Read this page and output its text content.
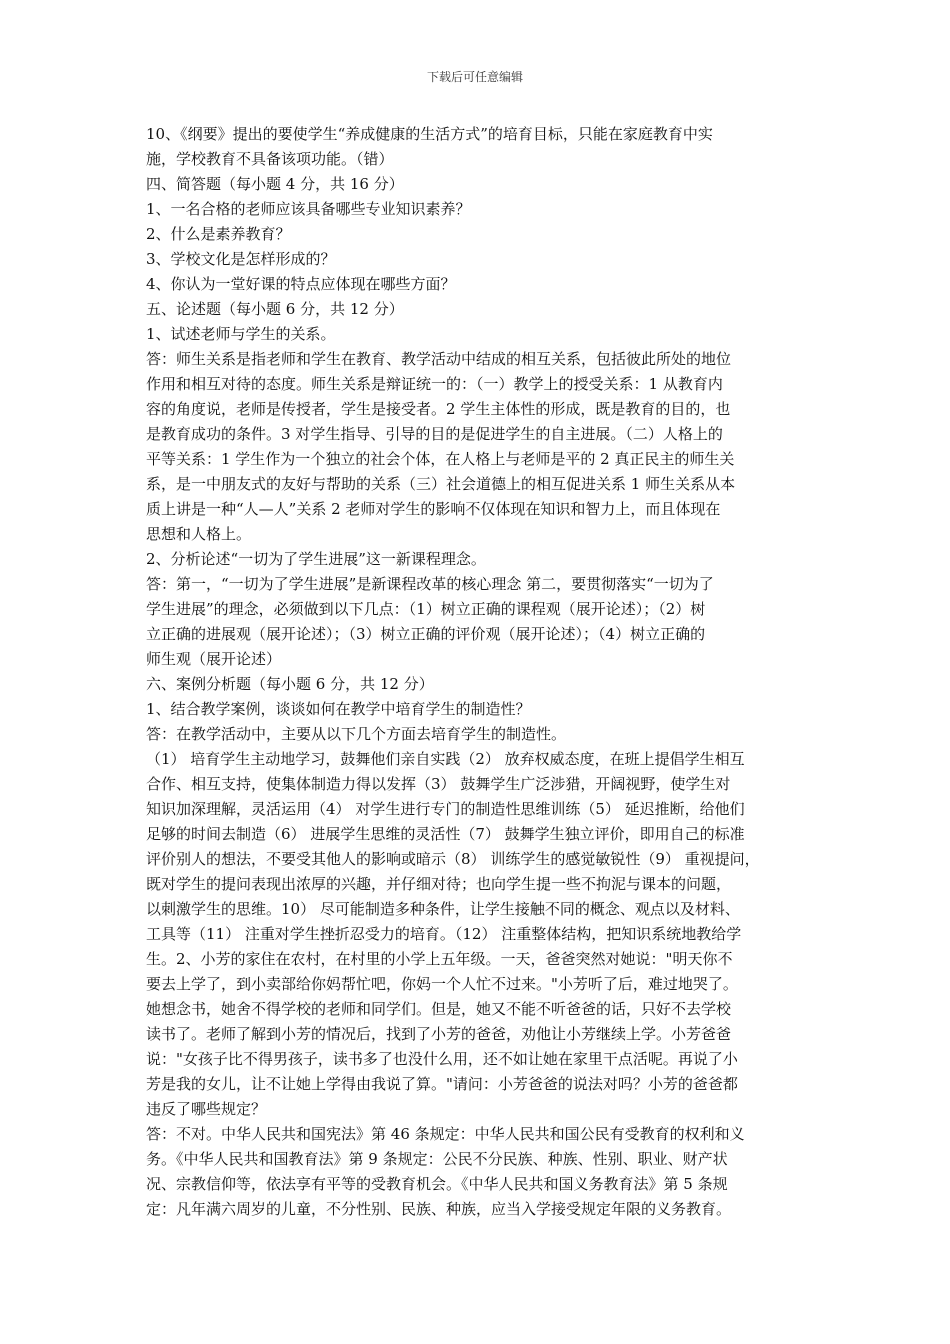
下载后可任意编辑
10、《纲要》提出的要使学生“养成健康的生活方式”的培育目标，只能在家庭教育中实
施，学校教育不具备该项功能。（错）
四、简答题（每小题 4 分，共 16 分）
1、一名合格的老师应该具备哪些专业知识素养？
2、什么是素养教育？
3、学校文化是怎样形成的？
4、你认为一堂好课的特点应体现在哪些方面？
五、论述题（每小题 6 分，共 12 分）
1、试述老师与学生的关系。
答：师生关系是指老师和学生在教育、教学活动中结成的相互关系，包括彼此所处的地位
作用和相互对待的态度。师生关系是辩证统一的：（一）教学上的授受关系：1 从教育内
容的角度说，老师是传授者，学生是接受者。2 学生主体性的形成，既是教育的目的，也
是教育成功的条件。3 对学生指导、引导的目的是促进学生的自主进展。（二）人格上的
平等关系：1 学生作为一个独立的社会个体，在人格上与老师是平的 2 真正民主的师生关
系，是一中朋友式的友好与帮助的关系（三）社会道德上的相互促进关系 1 师生关系从本
质上讲是一种“人—人”关系 2 老师对学生的影响不仅体现在知识和智力上，而且体现在
思想和人格上。
2、分析论述“一切为了学生进展”这一新课程理念。
答：第一，“一切为了学生进展”是新课程改革的核心理念 第二，要贯彻落实“一切为了
学生进展”的理念，必须做到以下几点：（1）树立正确的课程观（展开论述）；（2）树
立正确的进展观（展开论述）；（3）树立正确的评价观（展开论述）；（4）树立正确的
师生观（展开论述）
六、案例分析题（每小题 6 分，共 12 分）
1、结合教学案例，谈谈如何在教学中培育学生的制造性？
答：在教学活动中，主要从以下几个方面去培育学生的制造性。
（1） 培育学生主动地学习，鼓舞他们亲自实践（2） 放弃权威态度，在班上提倡学生相互
合作、相互支持，使集体制造力得以发挥（3） 鼓舞学生广泛涉猎，开阔视野，使学生对
知识加深理解，灵活运用（4） 对学生进行专门的制造性思维训练（5） 延迟推断，给他们
足够的时间去制造（6） 进展学生思维的灵活性（7） 鼓舞学生独立评价，即用自己的标准
评价别人的想法，不要受其他人的影响或暗示（8） 训练学生的感觉敏锐性（9） 重视提问，
既对学生的提问表现出浓厚的兴趣，并仔细对待；也向学生提一些不拘泥与课本的问题，
以刺激学生的思维。10） 尽可能制造多种条件，让学生接触不同的概念、观点以及材料、
工具等（11） 注重对学生挫折忍受力的培育。（12） 注重整体结构，把知识系统地教给学
生。2、小芳的家住在农村，在村里的小学上五年级。一天，爸爸突然对她说："明天你不
要去上学了，到小卖部给你妈帮忙吧，你妈一个人忙不过来。"小芳听了后，难过地哭了。
她想念书，她舍不得学校的老师和同学们。但是，她又不能不听爸爸的话，只好不去学校
读书了。老师了解到小芳的情况后，找到了小芳的爸爸，劝他让小芳继续上学。小芳爸爸
说："女孩子比不得男孩子，读书多了也没什么用，还不如让她在家里干点活呢。再说了小
芳是我的女儿，让不让她上学得由我说了算。"请问：小芳爸爸的说法对吗？小芳的爸爸都
违反了哪些规定？
答：不对。中华人民共和国宪法》第 46 条规定：中华人民共和国公民有受教育的权利和义
务。《中华人民共和国教育法》第 9 条规定：公民不分民族、种族、性别、职业、财产状
况、宗教信仰等，依法享有平等的受教育机会。《中华人民共和国义务教育法》第 5 条规
定：凡年满六周岁的儿童，不分性别、民族、种族，应当入学接受规定年限的义务教育。
